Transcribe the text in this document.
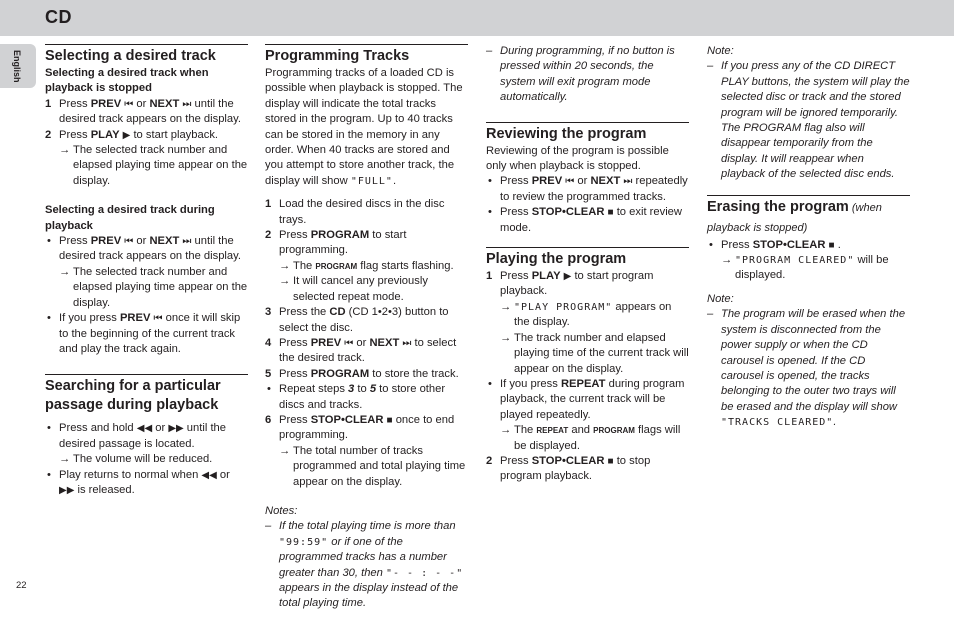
CD
English
22
Selecting a desired track
Selecting a desired track when playback is stopped
1 Press PREV ⏮ or NEXT ⏭ until the desired track appears on the display.
2 Press PLAY ▶ to start playback.
→ The selected track number and elapsed playing time appear on the display.
Selecting a desired track during playback
• Press PREV ⏮ or NEXT ⏭ until the desired track appears on the display.
→ The selected track number and elapsed playing time appear on the display.
• If you press PREV ⏮ once it will skip to the beginning of the current track and play the track again.
Searching for a particular passage during playback
• Press and hold ◀◀ or ▶▶ until the desired passage is located.
→ The volume will be reduced.
• Play returns to normal when ◀◀ or ▶▶ is released.
Programming Tracks

Programming tracks of a loaded CD is possible when playback is stopped. The display will indicate the total tracks stored in the program. Up to 40 tracks can be stored in the memory in any order. When 40 tracks are stored and you attempt to store another track, the display will show "FULL".

1 Load the desired discs in the disc trays.
2 Press PROGRAM to start programming.
→ The PROGRAM flag starts flashing.
→ It will cancel any previously selected repeat mode.
3 Press the CD (CD 1•2•3) button to select the disc.
4 Press PREV ⏮ or NEXT ⏭ to select the desired track.
5 Press PROGRAM to store the track.
• Repeat steps 3 to 5 to store other discs and tracks.
6 Press STOP•CLEAR ■ once to end programming.
→ The total number of tracks programmed and total playing time appear on the display.
Notes:
– If the total playing time is more than "99:59" or if one of the programmed tracks has a number greater than 30, then "- - : - -" appears in the display instead of the total playing time.
– During programming, if no button is pressed within 20 seconds, the system will exit program mode automatically.
Reviewing the program

Reviewing of the program is possible only when playback is stopped.

• Press PREV ⏮ or NEXT ⏭ repeatedly to review the programmed tracks.
• Press STOP•CLEAR ■ to exit review mode.
Playing the program
1 Press PLAY ▶ to start program playback.
→ "PLAY PROGRAM" appears on the display.
→ The track number and elapsed playing time of the current track will appear on the display.
• If you press REPEAT during program playback, the current track will be played repeatedly.
→ The REPEAT and PROGRAM flags will be displayed.
2 Press STOP•CLEAR ■ to stop program playback.
Note:
– If you press any of the CD DIRECT PLAY buttons, the system will play the selected disc or track and the stored program will be ignored temporarily. The PROGRAM flag also will disappear temporarily from the display. It will reappear when playback of the selected disc ends.
Erasing the program (when playback is stopped)
• Press STOP•CLEAR ■ .
→ "PROGRAM CLEARED" will be displayed.
Note:
– The program will be erased when the system is disconnected from the power supply or when the CD carousel is opened. If the CD carousel is opened, the tracks belonging to the outer two trays will be erased and the display will show "TRACKS CLEARED".
